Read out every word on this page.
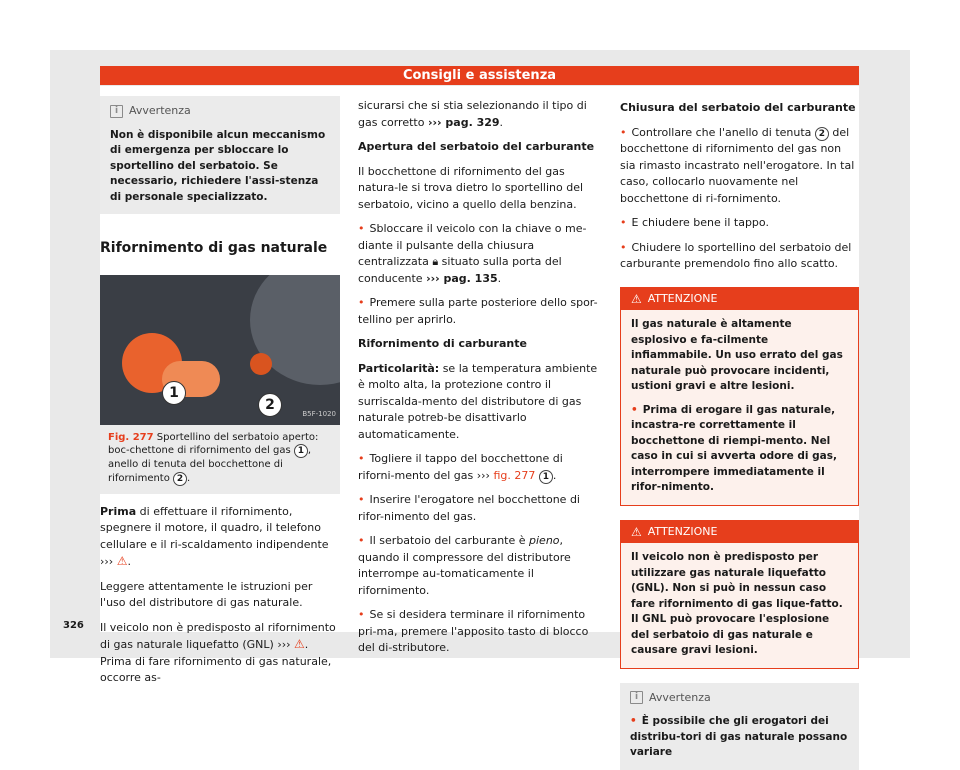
Consigli e assistenza
i Avvertenza
Non è disponibile alcun meccanismo di emergenza per sbloccare lo sportellino del serbatoio. Se necessario, richiedere l'assi-stenza di personale specializzato.
Rifornimento di gas naturale
1
2
B5F-1020
Fig. 277 Sportellino del serbatoio aperto: boc-chettone di rifornimento del gas 1 , anello di tenuta del bocchettone di rifornimento 2 .

Prima di effettuare il rifornimento, spegnere il motore, il quadro, il telefono cellulare e il ri-scaldamento indipendente ››› ⚠.

Leggere attentamente le istruzioni per l'uso del distributore di gas naturale.

Il veicolo non è predisposto al rifornimento di gas naturale liquefatto (GNL) ››› ⚠. Prima di fare rifornimento di gas naturale, occorre as-

sicurarsi che si stia selezionando il tipo di gas corretto ››› pag. 329.

Apertura del serbatoio del carburante

Il bocchettone di rifornimento del gas natura-le si trova dietro lo sportellino del serbatoio, vicino a quello della benzina.

• Sbloccare il veicolo con la chiave o me-diante il pulsante della chiusura centralizzata 🔒︎ situato sulla porta del conducente ››› pag. 135.

• Premere sulla parte posteriore dello spor-tellino per aprirlo.

Rifornimento di carburante

Particolarità: se la temperatura ambiente è molto alta, la protezione contro il surriscalda-mento del distributore di gas naturale potreb-be disattivarlo automaticamente.

• Togliere il tappo del bocchettone di riforni-mento del gas ››› fig. 277 1 .

• Inserire l'erogatore nel bocchettone di rifor-nimento del gas.

• Il serbatoio del carburante è pieno, quando il compressore del distributore interrompe au-tomaticamente il rifornimento.

• Se si desidera terminare il rifornimento pri-ma, premere l'apposito tasto di blocco del di-stributore.

Chiusura del serbatoio del carburante

• Controllare che l'anello di tenuta 2 del bocchettone di rifornimento del gas non sia rimasto incastrato nell'erogatore. In tal caso, collocarlo nuovamente nel bocchettone di ri-fornimento.

• E chiudere bene il tappo.

• Chiudere lo sportellino del serbatoio del carburante premendolo fino allo scatto.

⚠ ATTENZIONE

Il gas naturale è altamente esplosivo e fa-cilmente infiammabile. Un uso errato del gas naturale può provocare incidenti, ustioni gravi e altre lesioni.

• Prima di erogare il gas naturale, incastra-re correttamente il bocchettone di riempi-mento. Nel caso in cui si avverta odore di gas, interrompere immediatamente il rifor-nimento.

⚠ ATTENZIONE

Il veicolo non è predisposto per utilizzare gas naturale liquefatto (GNL). Non si può in nessun caso fare rifornimento di gas lique-fatto. Il GNL può provocare l'esplosione del serbatoio di gas naturale e causare gravi lesioni.

i Avvertenza
• È possibile che gli erogatori dei distribu-tori di gas naturale possano variare
326
